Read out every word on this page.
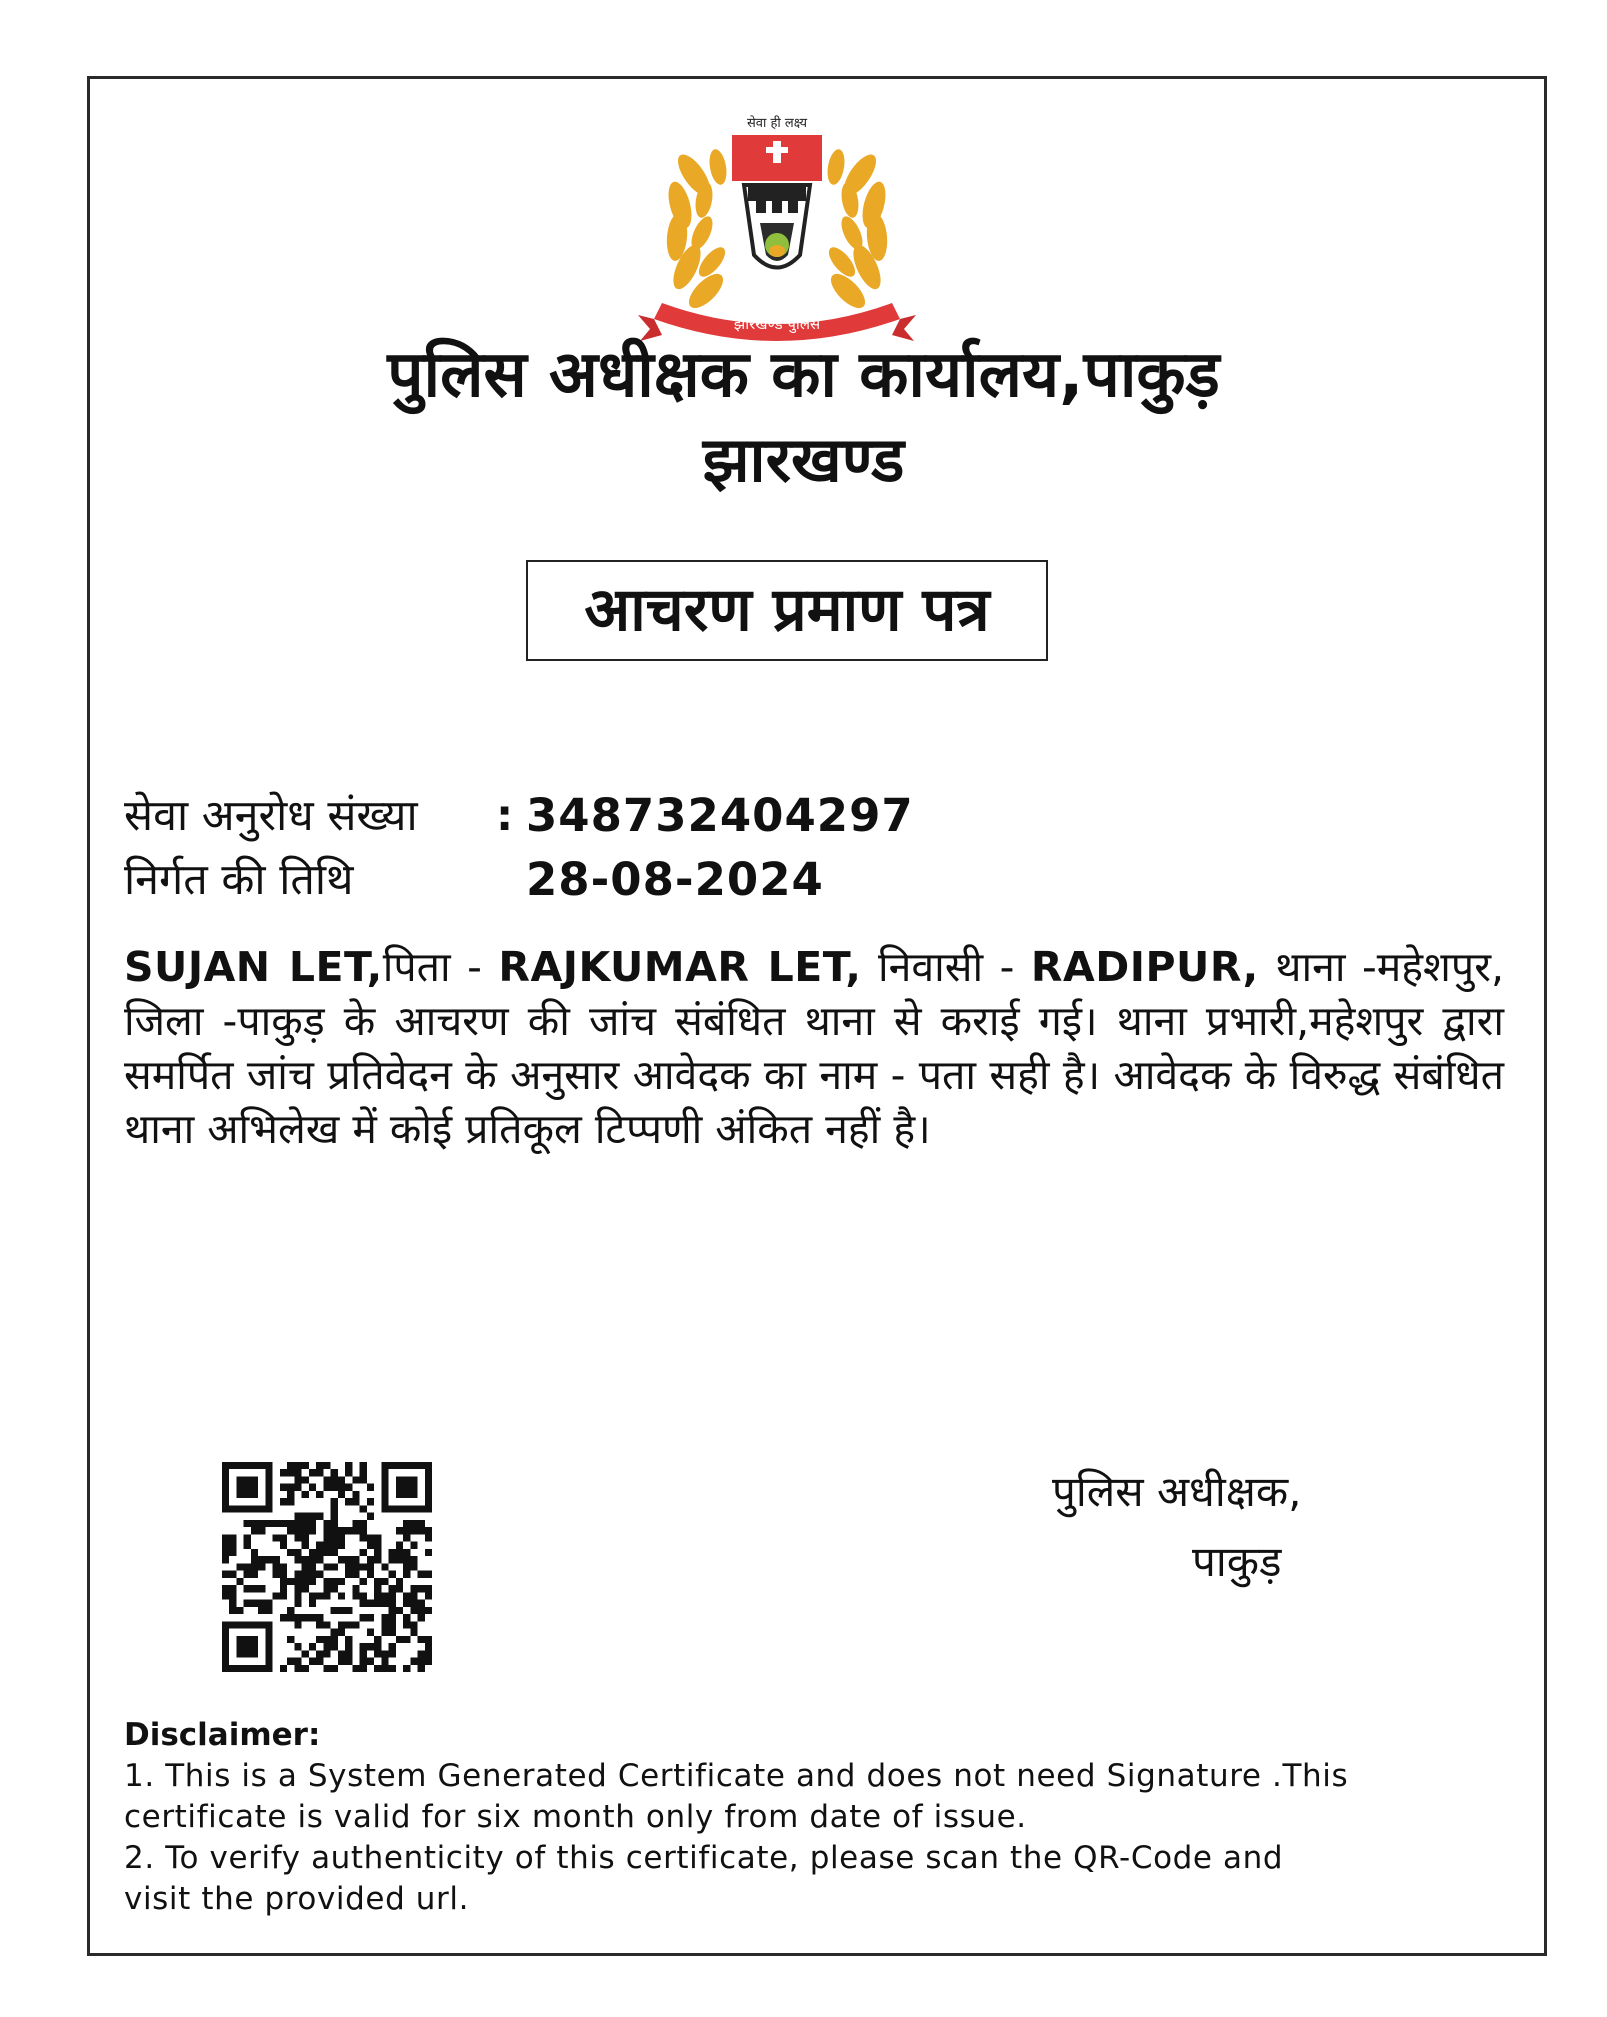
सेवा ही लक्ष्य
झारखण्ड पुलिस
पुलिस अधीक्षक का कार्यालय,पाकुड़
झारखण्ड
आचरण प्रमाण पत्र
सेवा अनुरोध संख्या : 348732404297
निर्गत की तिथि	28-08-2024
SUJAN LET,पिता - RAJKUMAR LET, निवासी - RADIPUR, थाना -महेशपुर, जिला -पाकुड़ के आचरण की जांच संबंधित थाना से कराई गई। थाना प्रभारी,महेशपुर द्वारा समर्पित जांच प्रतिवेदन के अनुसार आवेदक का नाम - पता सही है। आवेदक के विरुद्ध संबंधित थाना अभिलेख में कोई प्रतिकूल टिप्पणी अंकित नहीं है।
पुलिस अधीक्षक,
पाकुड़
Disclaimer:
1. This is a System Generated Certificate and does not need Signature .This
certificate is valid for six month only from date of issue.
2. To verify authenticity of this certificate, please scan the QR-Code and
visit the provided url.
